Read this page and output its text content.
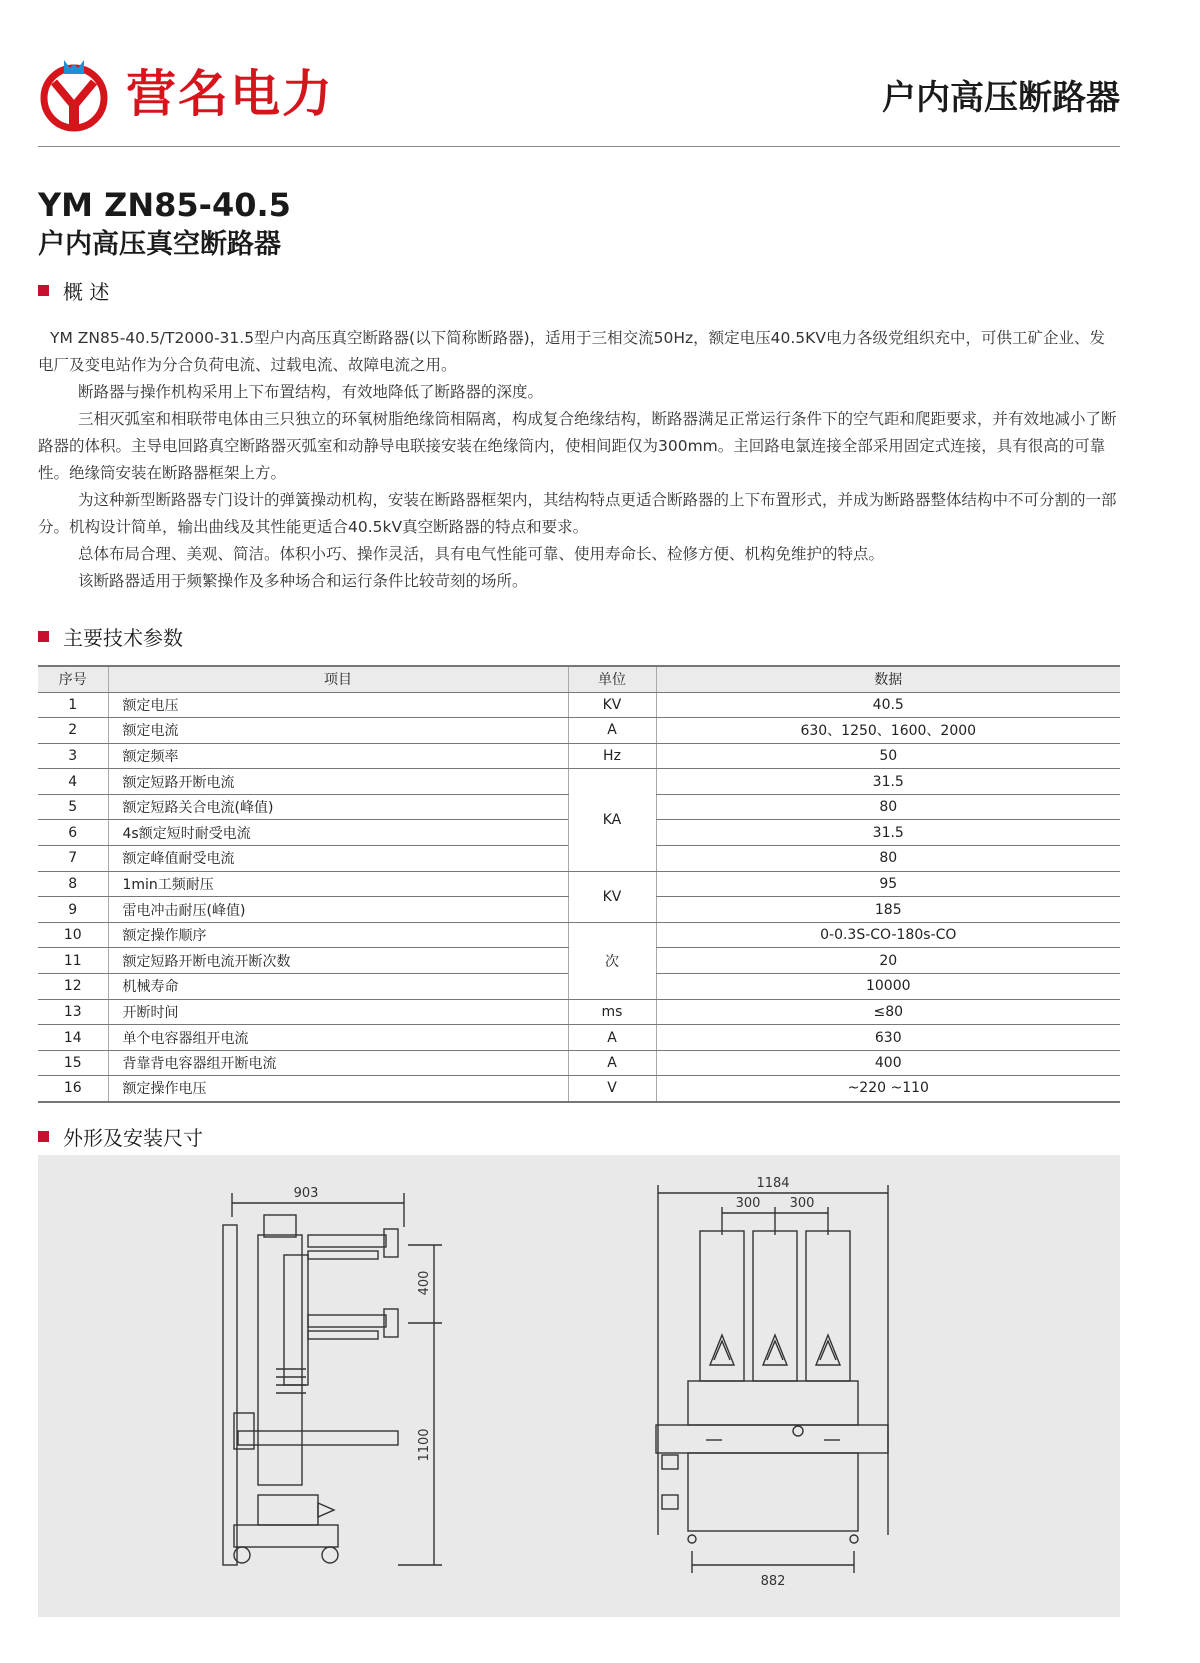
营名电力	户内高压断路器
YM ZN85-40.5
户内高压真空断路器
概 述

YM ZN85-40.5/T2000-31.5型户内高压真空断路器(以下简称断路器)，适用于三相交流50Hz，额定电压40.5KV电力各级党组织充中，可供工矿企业、发电厂及变电站作为分合负荷电流、过载电流、故障电流之用。

断路器与操作机构采用上下布置结构，有效地降低了断路器的深度。

三相灭弧室和相联带电体由三只独立的环氧树脂绝缘筒相隔离，构成复合绝缘结构，断路器满足正常运行条件下的空气距和爬距要求，并有效地减小了断路器的体积。主导电回路真空断路器灭弧室和动静导电联接安装在绝缘筒内，使相间距仅为300mm。主回路电氯连接全部采用固定式连接，具有很高的可靠性。绝缘筒安装在断路器框架上方。

为这种新型断路器专门设计的弹簧操动机构，安装在断路器框架内，其结构特点更适合断路器的上下布置形式，并成为断路器整体结构中不可分割的一部分。机构设计简单，输出曲线及其性能更适合40.5kV真空断路器的特点和要求。

总体布局合理、美观、简洁。体积小巧、操作灵活，具有电气性能可靠、使用寿命长、检修方便、机构免维护的特点。

该断路器适用于频繁操作及多种场合和运行条件比较苛刻的场所。

主要技术参数
序号	项目	单位	数据
1	额定电压	KV	40.5
2	额定电流	A	630、1250、1600、2000
3	额定频率	Hz	50
4	额定短路开断电流	KA	31.5
5	额定短路关合电流(峰值)		80
6	4s额定短时耐受电流		31.5
7	额定峰值耐受电流		80
8	1min工频耐压	KV	95
9	雷电冲击耐压(峰值)		185
10	额定操作顺序	次	0-0.3S-CO-180s-CO
11	额定短路开断电流开断次数		20
12	机械寿命		10000
13	开断时间	ms	≤80
14	单个电容器组开电流	A	630
15	背靠背电容器组开断电流	A	400
16	额定操作电压	V	~220 ~110
外形及安装尺寸
903
400
1100
1184
300 300
882
